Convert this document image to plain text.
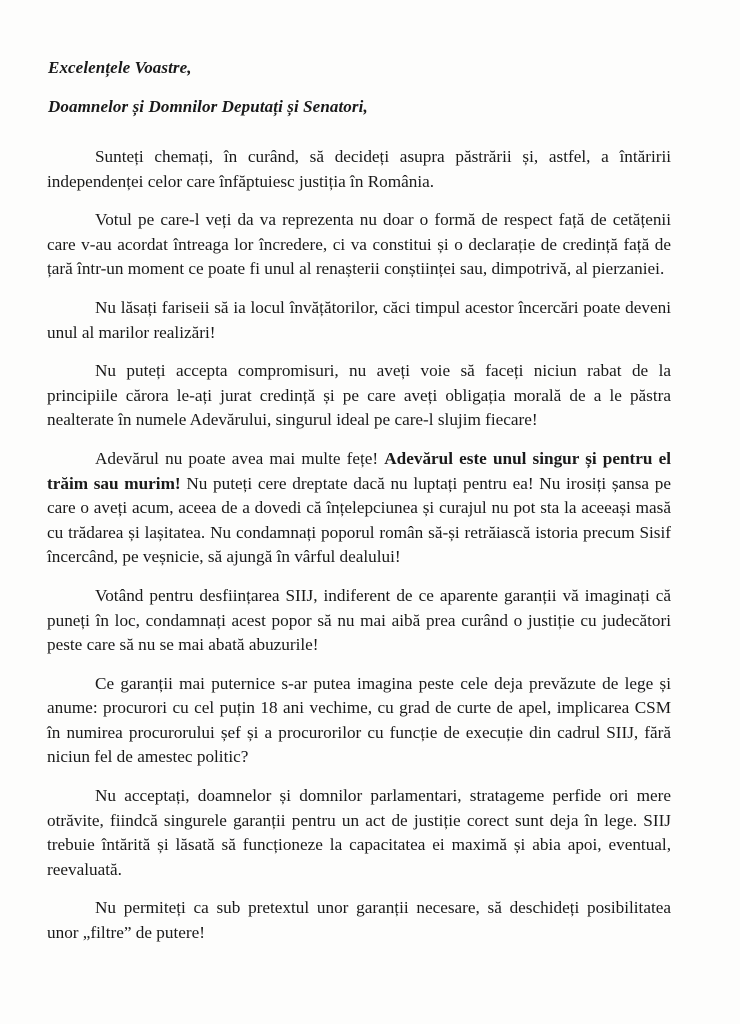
Excelențele Voastre,
Doamnelor și Domnilor Deputați și Senatori,

Sunteți chemați, în curând, să decideți asupra păstrării și, astfel, a întăririi independenței celor care înfăptuiesc justiția în România.

Votul pe care-l veți da va reprezenta nu doar o formă de respect față de cetățenii care v-au acordat întreaga lor încredere, ci va constitui și o declarație de credință față de țară într-un moment ce poate fi unul al renașterii conștiinței sau, dimpotrivă, al pierzaniei.

Nu lăsați fariseii să ia locul învățătorilor, căci timpul acestor încercări poate deveni unul al marilor realizări!

Nu puteți accepta compromisuri, nu aveți voie să faceți niciun rabat de la principiile cărora le-ați jurat credință și pe care aveți obligația morală de a le păstra nealterate în numele Adevărului, singurul ideal pe care-l slujim fiecare!

Adevărul nu poate avea mai multe fețe! Adevărul este unul singur și pentru el trăim sau murim! Nu puteți cere dreptate dacă nu luptați pentru ea! Nu irosiți șansa pe care o aveți acum, aceea de a dovedi că înțelepciunea și curajul nu pot sta la aceeași masă cu trădarea și lașitatea. Nu condamnați poporul român să-și retrăiască istoria precum Sisif încercând, pe veșnicie, să ajungă în vârful dealului!

Votând pentru desființarea SIIJ, indiferent de ce aparente garanții vă imaginați că puneți în loc, condamnați acest popor să nu mai aibă prea curând o justiție cu judecători peste care să nu se mai abată abuzurile!

Ce garanții mai puternice s-ar putea imagina peste cele deja prevăzute de lege și anume: procurori cu cel puțin 18 ani vechime, cu grad de curte de apel, implicarea CSM în numirea procurorului șef și a procurorilor cu funcție de execuție din cadrul SIIJ, fără niciun fel de amestec politic?

Nu acceptați, doamnelor și domnilor parlamentari, stratageme perfide ori mere otrăvite, fiindcă singurele garanții pentru un act de justiție corect sunt deja în lege. SIIJ trebuie întărită și lăsată să funcționeze la capacitatea ei maximă și abia apoi, eventual, reevaluată.

Nu permiteți ca sub pretextul unor garanții necesare, să deschideți posibilitatea unor „filtre” de putere!
